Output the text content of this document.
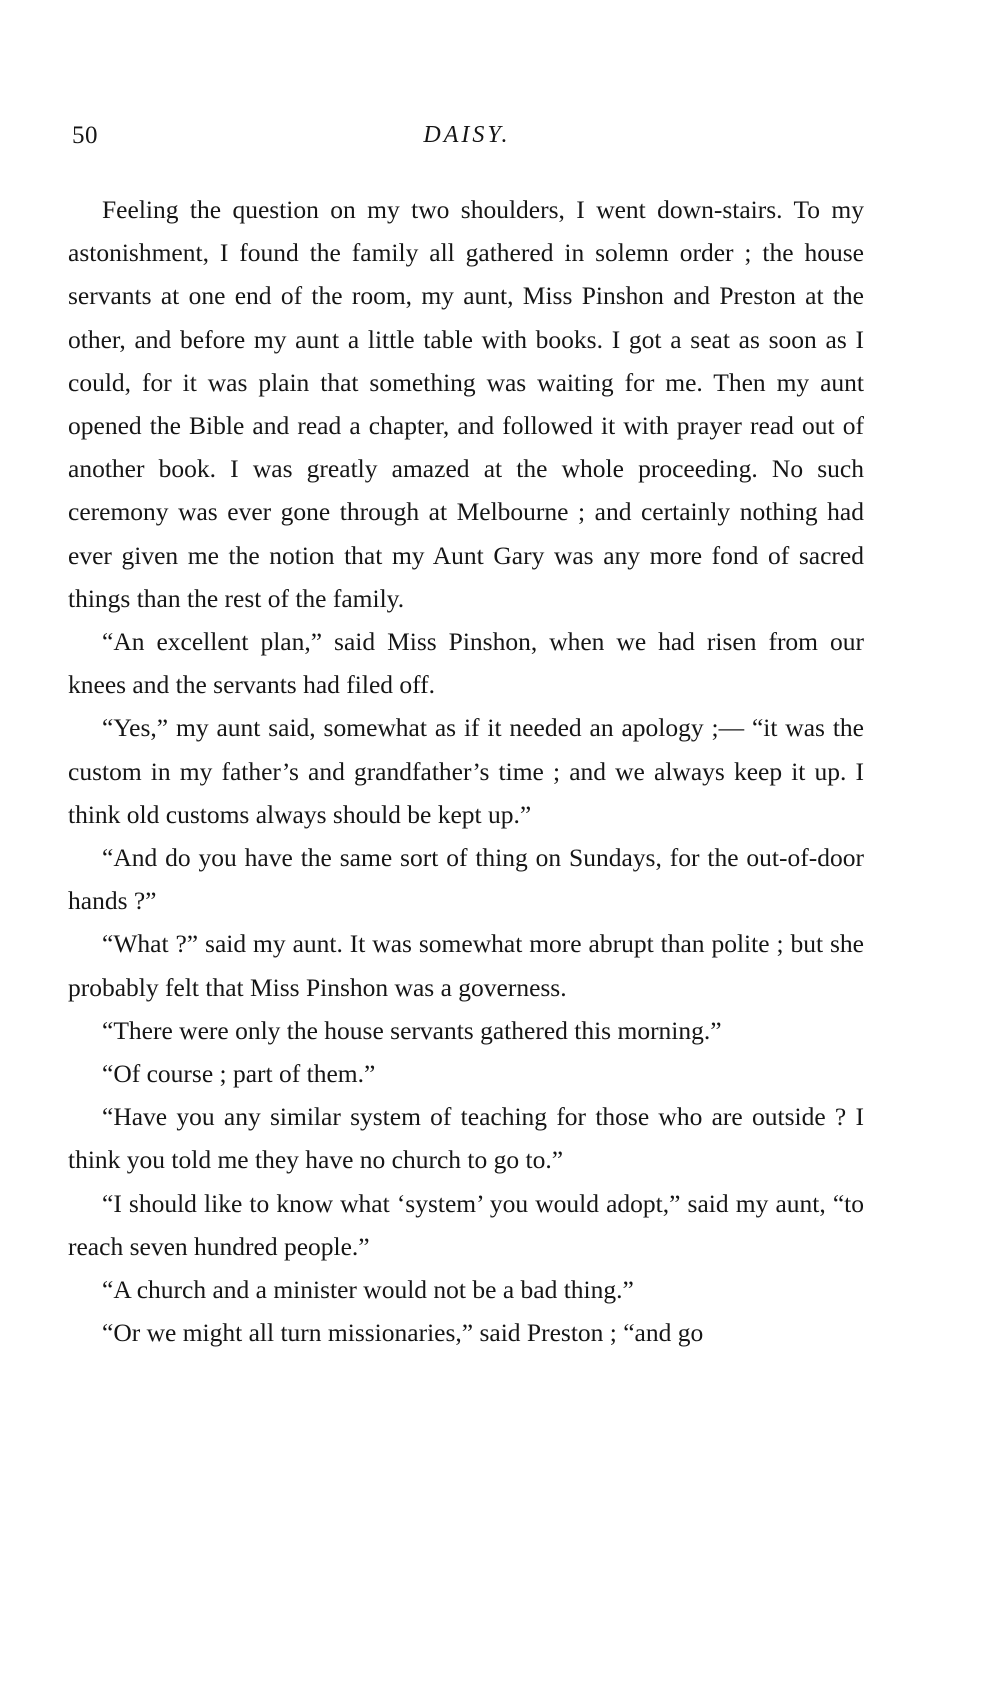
50	DAISY.

Feeling the question on my two shoulders, I went down-stairs. To my astonishment, I found the family all gathered in solemn order ; the house servants at one end of the room, my aunt, Miss Pinshon and Preston at the other, and before my aunt a little table with books. I got a seat as soon as I could, for it was plain that something was waiting for me. Then my aunt opened the Bible and read a chapter, and followed it with prayer read out of another book. I was greatly amazed at the whole proceeding. No such ceremony was ever gone through at Melbourne ; and certainly nothing had ever given me the notion that my Aunt Gary was any more fond of sacred things than the rest of the family.

“An excellent plan,” said Miss Pinshon, when we had risen from our knees and the servants had filed off.

“Yes,” my aunt said, somewhat as if it needed an apology ;— “it was the custom in my father’s and grandfather’s time ; and we always keep it up. I think old customs always should be kept up.”

“And do you have the same sort of thing on Sundays, for the out-of-door hands ?”

“What ?” said my aunt. It was somewhat more abrupt than polite ; but she probably felt that Miss Pinshon was a governess.

“There were only the house servants gathered this morning.”

“Of course ; part of them.”

“Have you any similar system of teaching for those who are outside ? I think you told me they have no church to go to.”

“I should like to know what ‘system’ you would adopt,” said my aunt, “to reach seven hundred people.”

“A church and a minister would not be a bad thing.”

“Or we might all turn missionaries,” said Preston ; “and go
